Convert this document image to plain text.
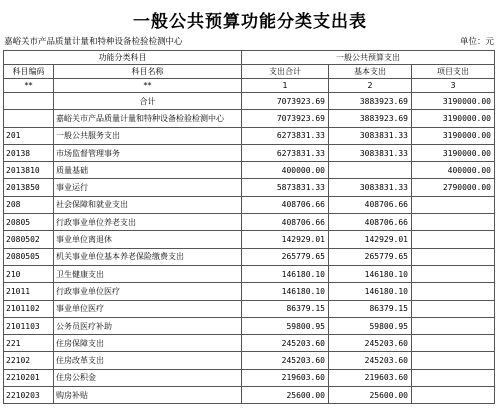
一般公共预算功能分类支出表
嘉峪关市产品质量计量和特种设备检验检测中心	单位：元
功能分类科目		一般公共预算支出		
科目编码	科目名称	支出合计	基本支出	项目支出
**	**	1	2	3
	合计	7073923.69	3883923.69	3190000.00
	嘉峪关市产品质量计量和特种设备检验检测中心	7073923.69	3883923.69	3190000.00
201	一般公共服务支出	6273831.33	3083831.33	3190000.00
20138	市场监督管理事务	6273831.33	3083831.33	3190000.00
2013810	质量基础	400000.00		400000.00
2013850	事业运行	5873831.33	3083831.33	2790000.00
208	社会保障和就业支出	408706.66	408706.66	
20805	行政事业单位养老支出	408706.66	408706.66	
2080502	事业单位离退休	142929.01	142929.01	
2080505	机关事业单位基本养老保险缴费支出	265779.65	265779.65	
210	卫生健康支出	146180.10	146180.10	
21011	行政事业单位医疗	146180.10	146180.10	
2101102	事业单位医疗	86379.15	86379.15	
2101103	公务员医疗补助	59800.95	59800.95	
221	住房保障支出	245203.60	245203.60	
22102	住房改革支出	245203.60	245203.60	
2210201	住房公积金	219603.60	219603.60	
2210203	购房补贴	25600.00	25600.00	
